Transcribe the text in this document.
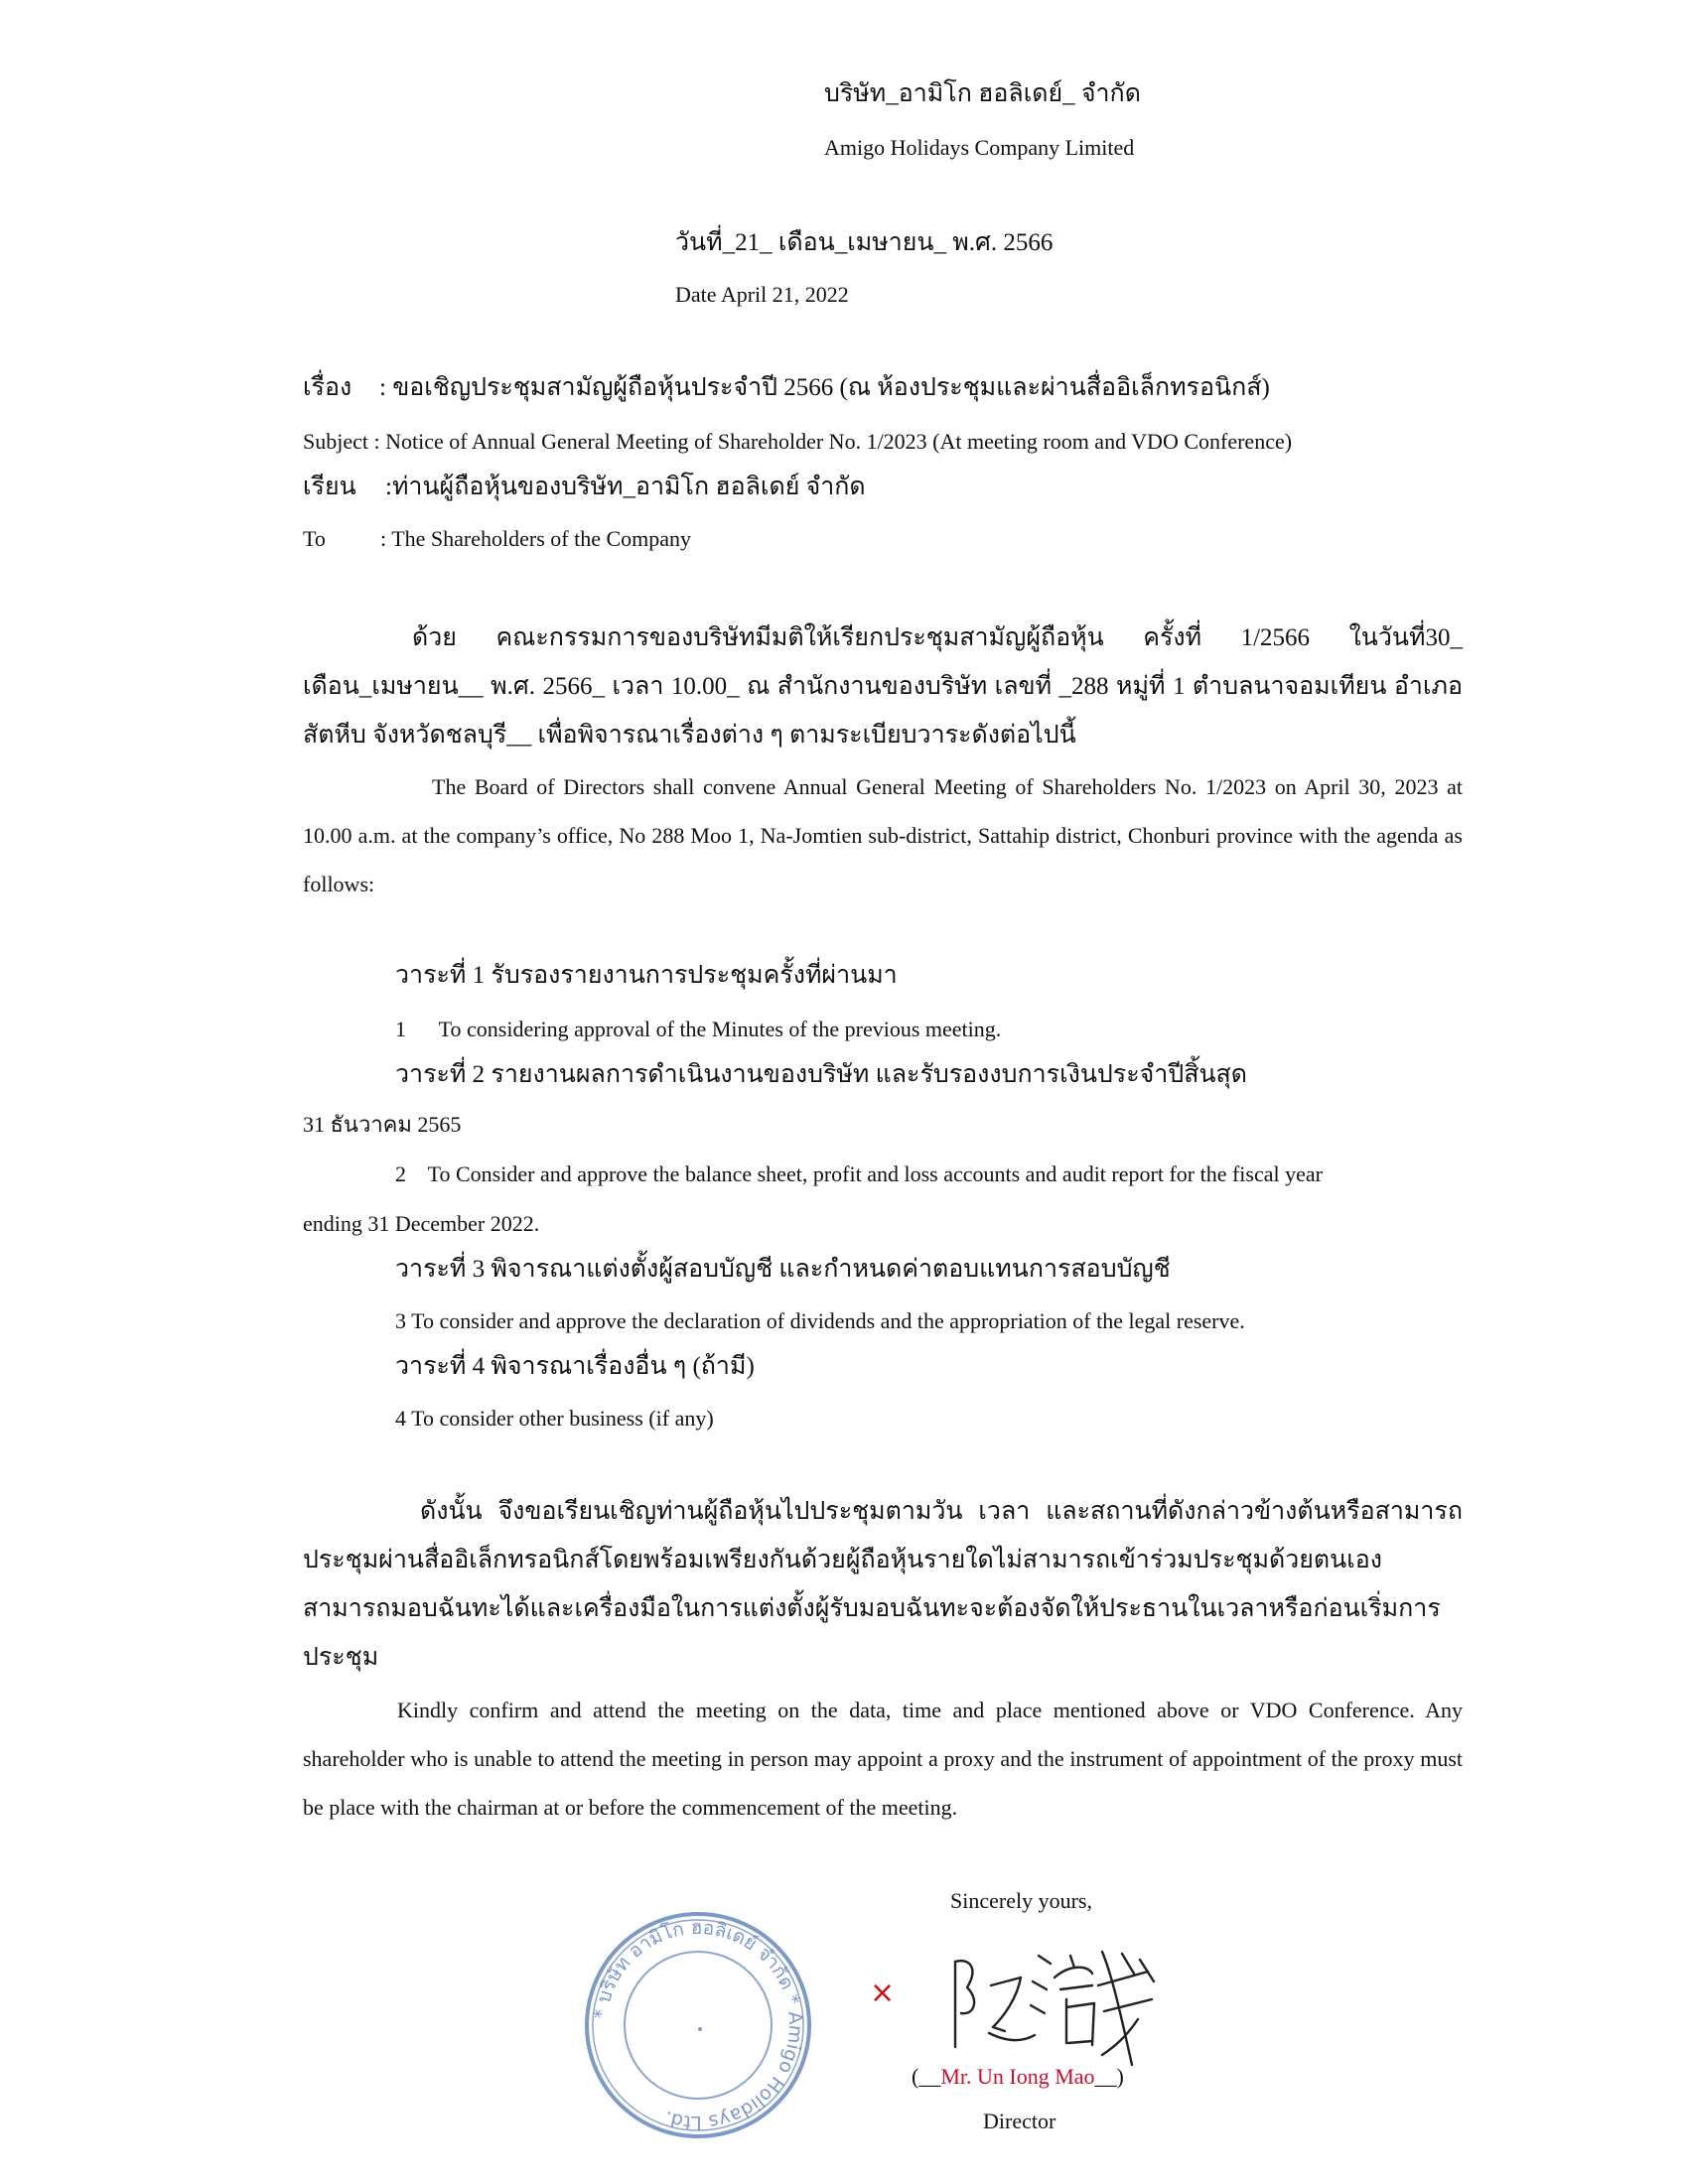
บริษัท_อามิโก ฮอลิเดย์_ จำกัด
Amigo Holidays Company Limited
วันที่_21_ เดือน_เมษายน_ พ.ศ. 2566
Date April 21, 2022
เรื่อง : ขอเชิญประชุมสามัญผู้ถือหุ้นประจำปี 2566 (ณ ห้องประชุมและผ่านสื่ออิเล็กทรอนิกส์)
Subject : Notice of Annual General Meeting of Shareholder No. 1/2023 (At meeting room and VDO Conference)
เรียน :ท่านผู้ถือหุ้นของบริษัท_อามิโก ฮอลิเดย์ จำกัด
To	: The Shareholders of the Company
ด้วย คณะกรรมการของบริษัทมีมติให้เรียกประชุมสามัญผู้ถือหุ้น ครั้งที่ 1/2566 ในวันที่30_ เดือน_เมษายน__ พ.ศ. 2566_ เวลา 10.00_ ณ สำนักงานของบริษัท เลขที่ _288 หมู่ที่ 1 ตำบลนาจอมเทียน อำเภอสัตหีบ จังหวัดชลบุรี__ เพื่อพิจารณาเรื่องต่าง ๆ ตามระเบียบวาระดังต่อไปนี้
The Board of Directors shall convene Annual General Meeting of Shareholders No. 1/2023 on April 30, 2023 at 10.00 a.m. at the company’s office, No 288 Moo 1, Na-Jomtien sub-district, Sattahip district, Chonburi province with the agenda as follows:
วาระที่ 1 รับรองรายงานการประชุมครั้งที่ผ่านมา
1      To considering approval of the Minutes of the previous meeting.
วาระที่ 2 รายงานผลการดำเนินงานของบริษัท และรับรองงบการเงินประจำปีสิ้นสุด
31 ธันวาคม 2565
2    To Consider and approve the balance sheet, profit and loss accounts and audit report for the fiscal year
ending 31 December 2022.
วาระที่ 3 พิจารณาแต่งตั้งผู้สอบบัญชี และกำหนดค่าตอบแทนการสอบบัญชี
3 To consider and approve the declaration of dividends and the appropriation of the legal reserve.
วาระที่ 4 พิจารณาเรื่องอื่น ๆ (ถ้ามี)
4 To consider other business (if any)
ดังนั้น จึงขอเรียนเชิญท่านผู้ถือหุ้นไปประชุมตามวัน เวลา และสถานที่ดังกล่าวข้างต้นหรือสามารถประชุมผ่านสื่ออิเล็กทรอนิกส์โดยพร้อมเพรียงกันด้วยผู้ถือหุ้นรายใดไม่สามารถเข้าร่วมประชุมด้วยตนเองสามารถมอบฉันทะได้และเครื่องมือในการแต่งตั้งผู้รับมอบฉันทะจะต้องจัดให้ประธานในเวลาหรือก่อนเริ่มการประชุม
Kindly confirm and attend the meeting on the data, time and place mentioned above or VDO Conference. Any shareholder who is unable to attend the meeting in person may appoint a proxy and the instrument of appointment of the proxy must be place with the chairman at or before the commencement of the meeting.
Sincerely yours,
* บริษัท อามิโก ฮอลิเดย์ จำกัด * Amigo Holidays Ltd.
×
(__Mr. Un Iong Mao__)
Director
